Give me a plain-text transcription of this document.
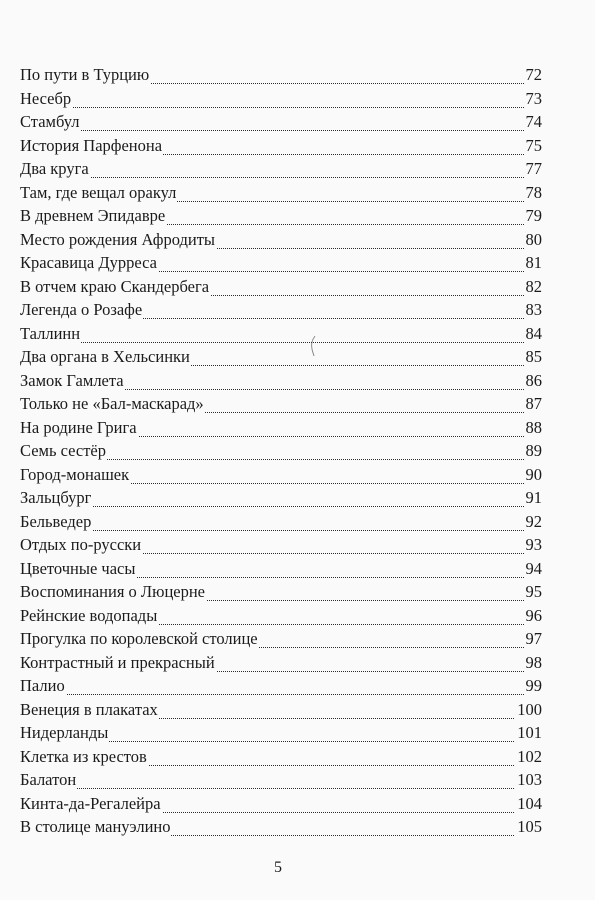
По пути в Турцию	72
Несебр	73
Стамбул	74
История Парфенона	75
Два круга	77
Там, где вещал оракул	78
В древнем Эпидавре	79
Место рождения Афродиты	80
Красавица Дурреса	81
В отчем краю Скандербега	82
Легенда о Розафе	83
Таллинн	84
Два органа в Хельсинки	85
Замок Гамлета	86
Только не «Бал-маскарад»	87
На родине Грига	88
Семь сестёр	89
Город-монашек	90
Зальцбург	91
Бельведер	92
Отдых по-русски	93
Цветочные часы	94
Воспоминания о Люцерне	95
Рейнские водопады	96
Прогулка по королевской столице	97
Контрастный и прекрасный	98
Палио	99
Венеция в плакатах	100
Нидерланды	101
Клетка из крестов	102
Балатон	103
Кинта-да-Регалейра	104
В столице мануэлино	105
5
